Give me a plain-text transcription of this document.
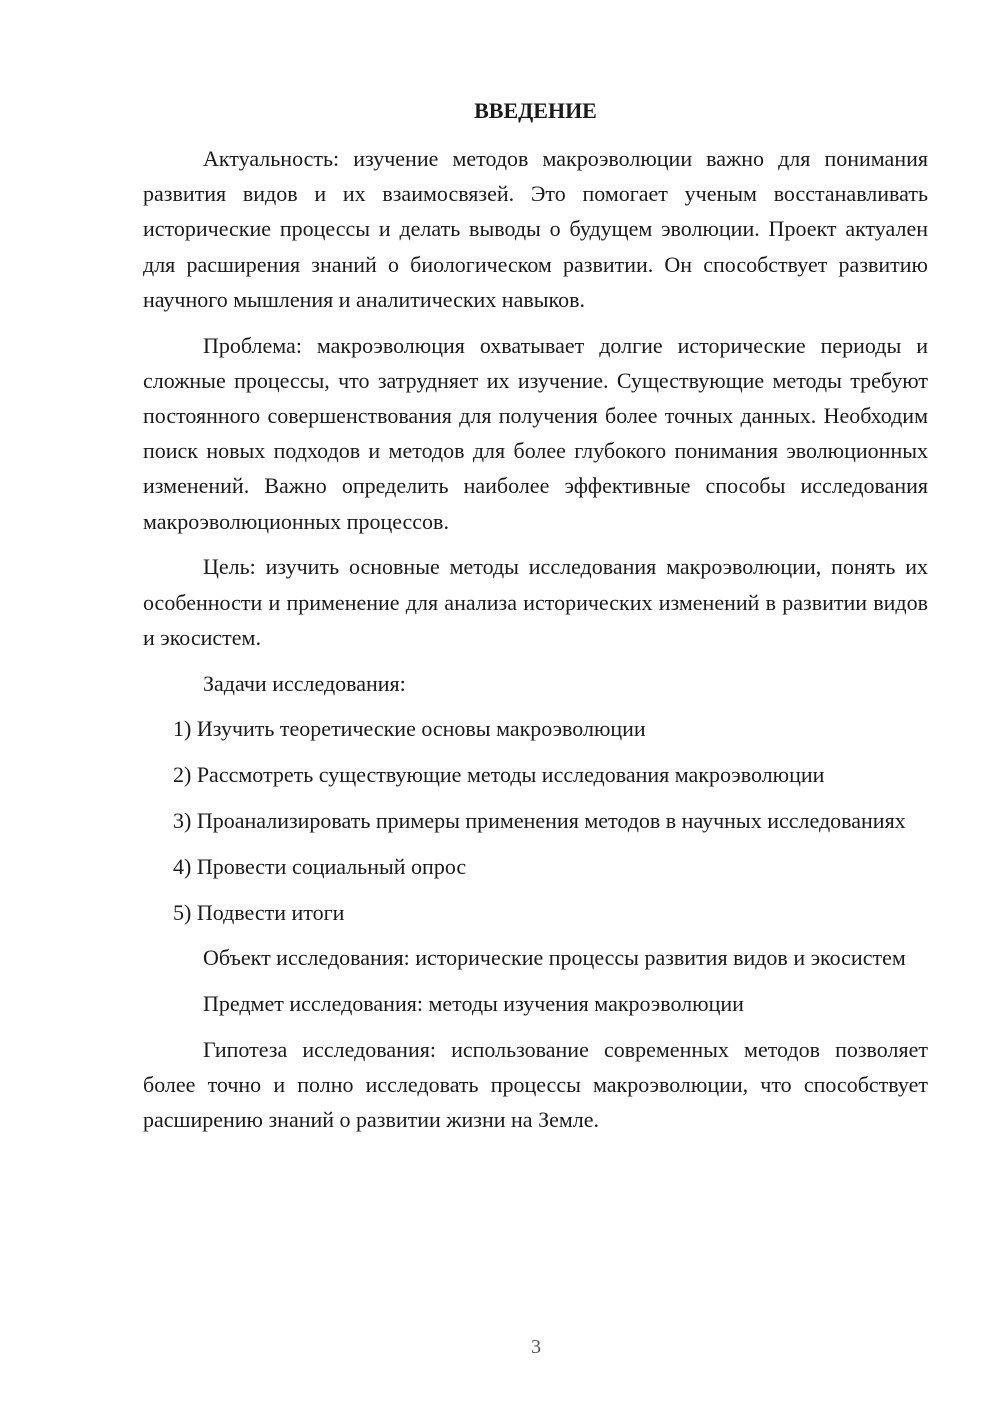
ВВЕДЕНИЕ

Актуальность: изучение методов макроэволюции важно для понимания развития видов и их взаимосвязей. Это помогает ученым восстанавливать исторические процессы и делать выводы о будущем эволюции. Проект актуален для расширения знаний о биологическом развитии. Он способствует развитию научного мышления и аналитических навыков.

Проблема: макроэволюция охватывает долгие исторические периоды и сложные процессы, что затрудняет их изучение. Существующие методы требуют постоянного совершенствования для получения более точных данных. Необходим поиск новых подходов и методов для более глубокого понимания эволюционных изменений. Важно определить наиболее эффективные способы исследования макроэволюционных процессов.

Цель: изучить основные методы исследования макроэволюции, понять их особенности и применение для анализа исторических изменений в развитии видов и экосистем.

Задачи исследования:

1) Изучить теоретические основы макроэволюции

2) Рассмотреть существующие методы исследования макроэволюции

3) Проанализировать примеры применения методов в научных исследованиях

4) Провести социальный опрос

5) Подвести итоги

Объект исследования: исторические процессы развития видов и экосистем

Предмет исследования: методы изучения макроэволюции

Гипотеза исследования: использование современных методов позволяет более точно и полно исследовать процессы макроэволюции, что способствует расширению знаний о развитии жизни на Земле.

3
